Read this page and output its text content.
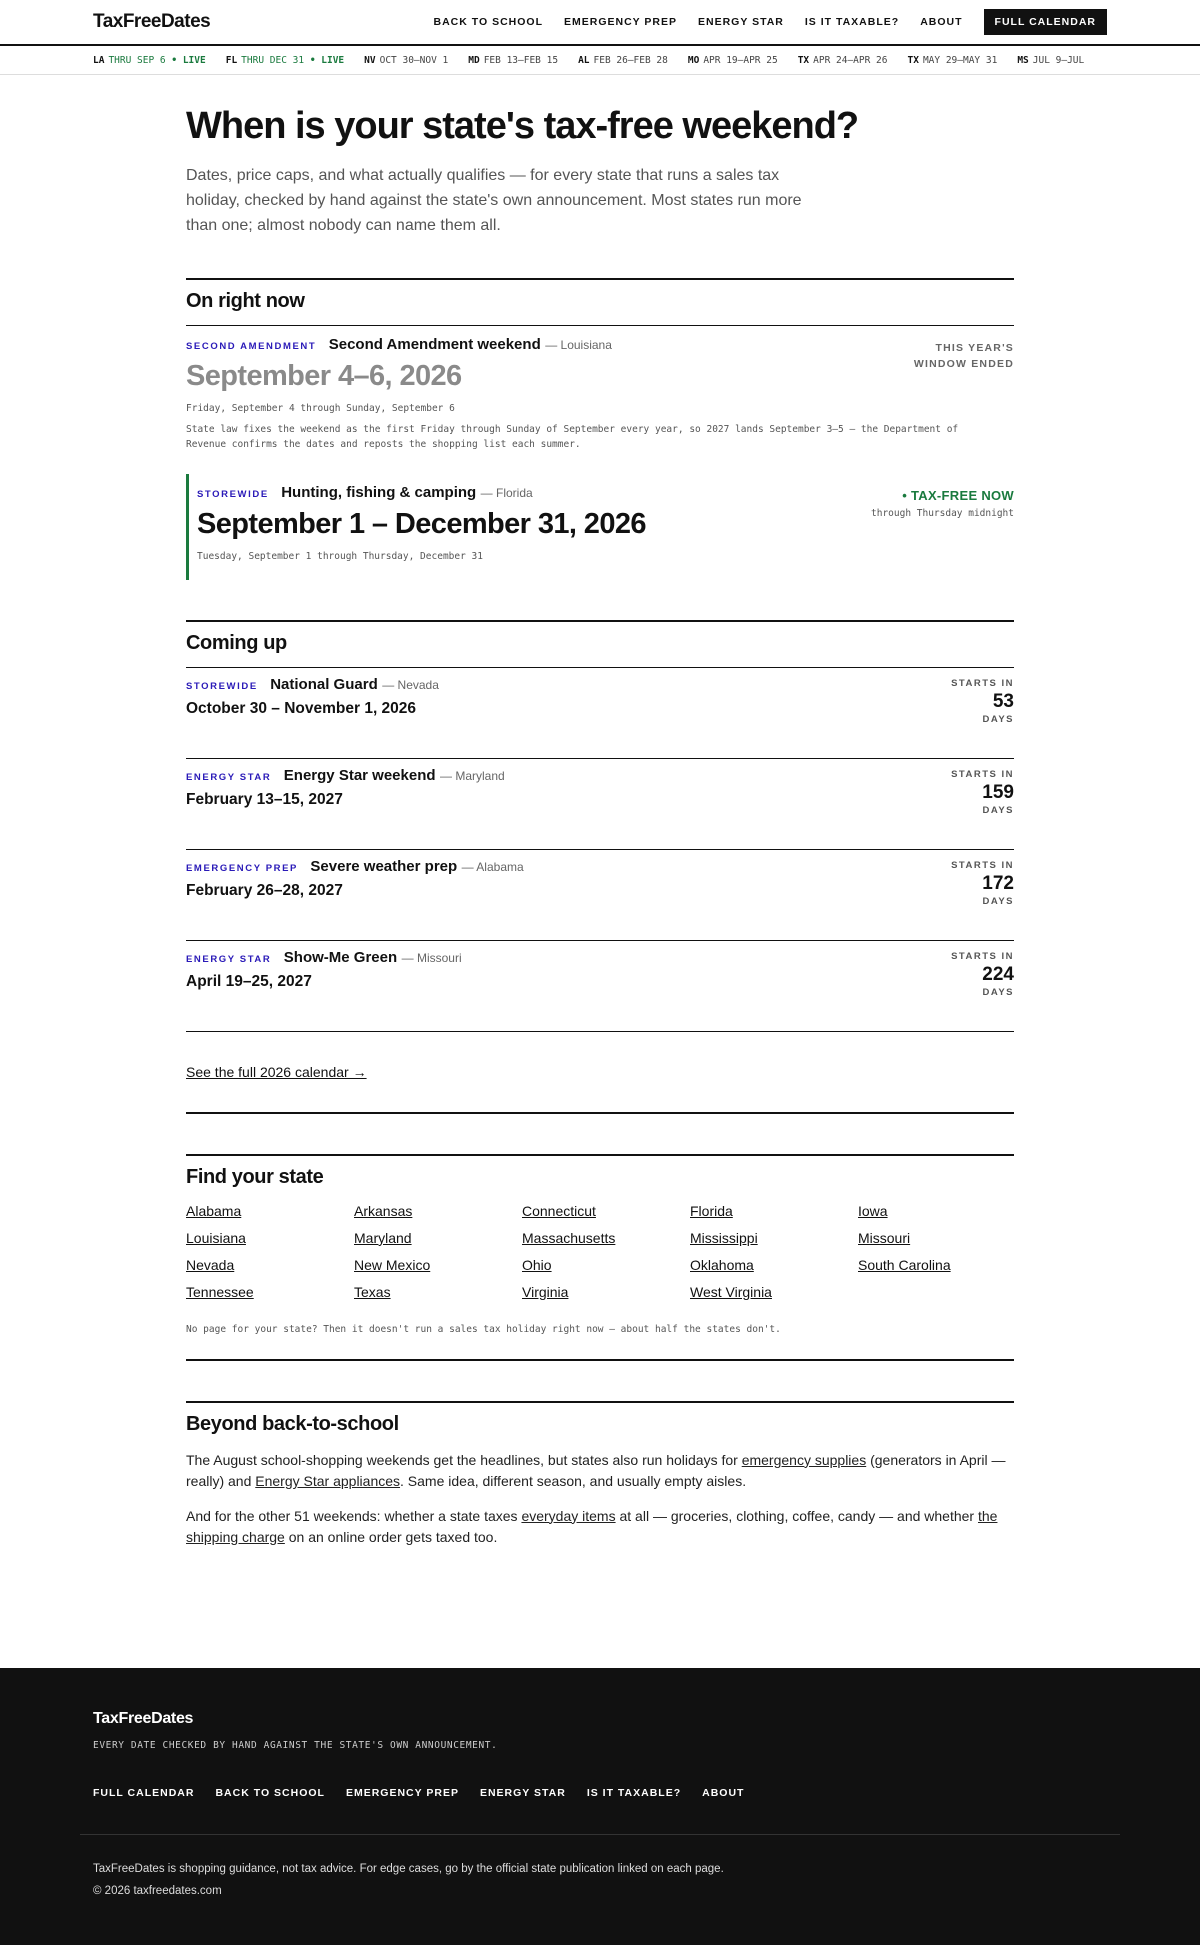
TaxFreeDates	BACK TO SCHOOL EMERGENCY PREP ENERGY STAR IS IT TAXABLE? ABOUT	FULL CALENDAR
LA THRU SEP 6 • LIVE FL THRU DEC 31 • LIVE NV OCT 30–NOV 1 MD FEB 13–FEB 15 AL FEB 26–FEB 28 MO APR 19–APR 25 TX APR 24–APR 26 TX MAY 29–MAY 31 MS JUL 9–JUL
When is your state's tax-free weekend?

Dates, price caps, and what actually qualifies — for every state that runs a sales tax holiday, checked by hand against the state's own announcement. Most states run more than one; almost nobody can name them all.

On right now
SECOND AMENDMENT Second Amendment weekend — Louisiana
September 4–6, 2026
Friday, September 4 through Sunday, September 6
State law fixes the weekend as the first Friday through Sunday of September every year, so 2027 lands September 3–5 — the Department of Revenue confirms the dates and reposts the shopping list each summer.
THIS YEAR'S
WINDOW ENDED
STOREWIDE Hunting, fishing & camping — Florida
September 1 – December 31, 2026
Tuesday, September 1 through Thursday, December 31
• TAX-FREE NOW
through Thursday midnight
Coming up
STOREWIDE National Guard — Nevada
October 30 – November 1, 2026
STARTS IN
53
DAYS
ENERGY STAR Energy Star weekend — Maryland
February 13–15, 2027
STARTS IN
159
DAYS
EMERGENCY PREP Severe weather prep — Alabama
February 26–28, 2027
STARTS IN
172
DAYS
ENERGY STAR Show-Me Green — Missouri
April 19–25, 2027
STARTS IN
224
DAYS
See the full 2026 calendar →
Find your state
Alabama	Arkansas	Connecticut	Florida	Iowa
Louisiana	Maryland	Massachusetts	Mississippi	Missouri
Nevada	New Mexico	Ohio	Oklahoma	South Carolina
Tennessee	Texas	Virginia	West Virginia

No page for your state? Then it doesn't run a sales tax holiday right now — about half the states don't.

Beyond back-to-school

The August school-shopping weekends get the headlines, but states also run holidays for emergency supplies (generators in April — really) and Energy Star appliances. Same idea, different season, and usually empty aisles.

And for the other 51 weekends: whether a state taxes everyday items at all — groceries, clothing, coffee, candy — and whether the shipping charge on an online order gets taxed too.

TaxFreeDates
EVERY DATE CHECKED BY HAND AGAINST THE STATE'S OWN ANNOUNCEMENT.
FULL CALENDAR BACK TO SCHOOL EMERGENCY PREP ENERGY STAR IS IT TAXABLE? ABOUT
TaxFreeDates is shopping guidance, not tax advice. For edge cases, go by the official state publication linked on each page.
© 2026 taxfreedates.com
